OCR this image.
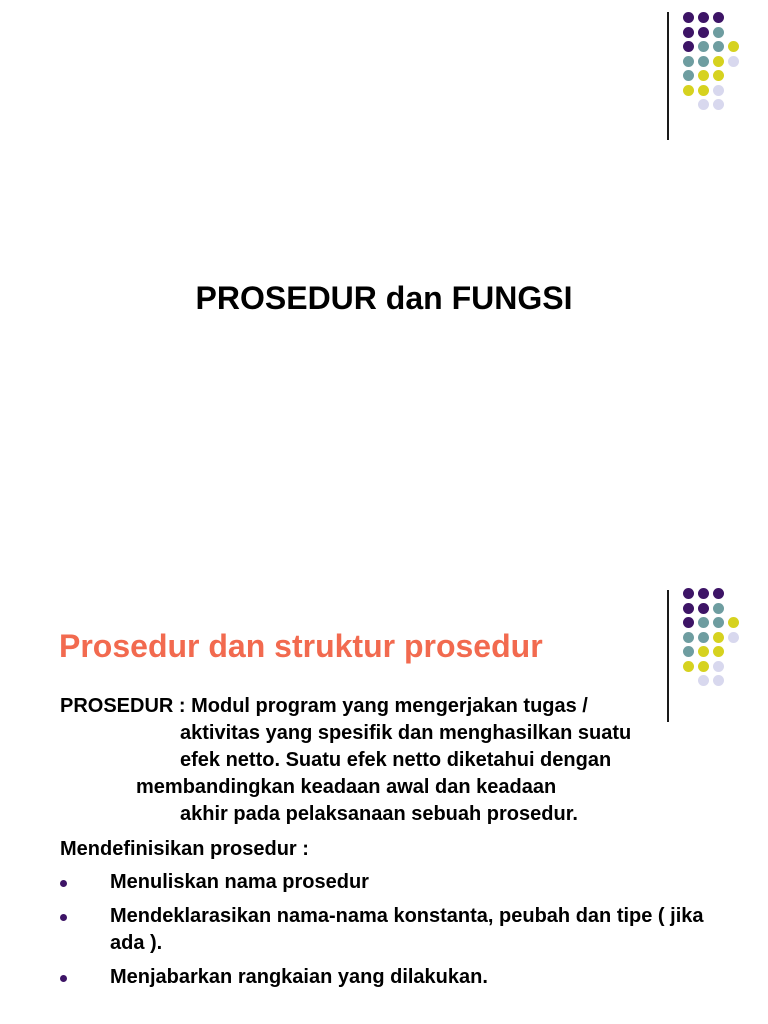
PROSEDUR dan FUNGSI
Prosedur dan struktur prosedur

PROSEDUR : Modul program yang mengerjakan tugas /

aktivitas yang spesifik dan menghasilkan suatu

efek netto. Suatu efek netto diketahui dengan

membandingkan keadaan awal dan keadaan

akhir pada pelaksanaan sebuah prosedur.

Mendefinisikan prosedur :

Menuliskan nama prosedur
Mendeklarasikan nama-nama konstanta, peubah dan tipe ( jika ada ).
Menjabarkan rangkaian yang dilakukan.
